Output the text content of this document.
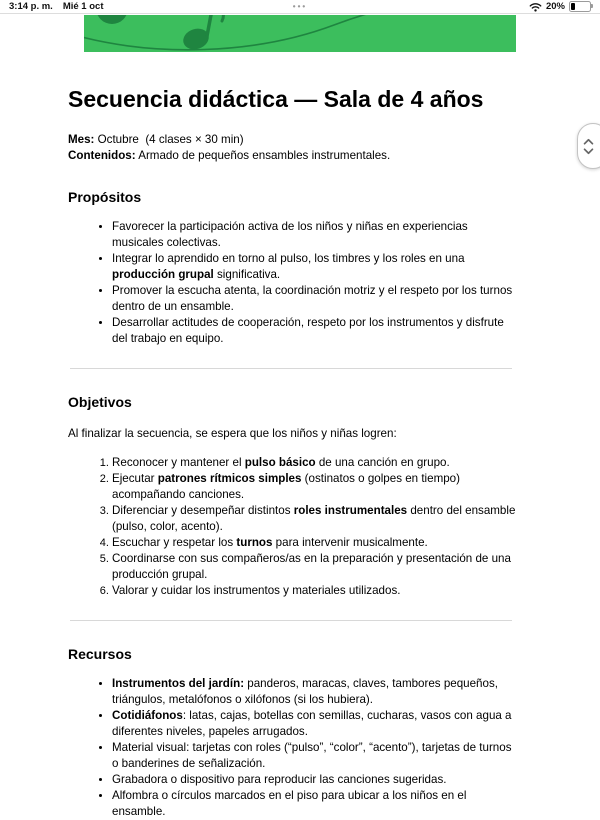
3:14 p. m. Mié 1 oct	•••	20%
Secuencia didáctica — Sala de 4 años

Mes: Octubre  (4 clases × 30 min)

Contenidos: Armado de pequeños ensambles instrumentales.

Propósitos
• Favorecer la participación activa de los niños y niñas en experiencias musicales colectivas.
• Integrar lo aprendido en torno al pulso, los timbres y los roles en una producción grupal significativa.
• Promover la escucha atenta, la coordinación motriz y el respeto por los turnos dentro de un ensamble.
• Desarrollar actitudes de cooperación, respeto por los instrumentos y disfrute del trabajo en equipo.
Objetivos

Al finalizar la secuencia, se espera que los niños y niñas logren:

1. Reconocer y mantener el pulso básico de una canción en grupo.
2. Ejecutar patrones rítmicos simples (ostinatos o golpes en tiempo) acompañando canciones.
3. Diferenciar y desempeñar distintos roles instrumentales dentro del ensamble (pulso, color, acento).
4. Escuchar y respetar los turnos para intervenir musicalmente.
5. Coordinarse con sus compañeros/as en la preparación y presentación de una producción grupal.
6. Valorar y cuidar los instrumentos y materiales utilizados.
Recursos
• Instrumentos del jardín: panderos, maracas, claves, tambores pequeños, triángulos, metalófonos o xilófonos (si los hubiera).
• Cotidiáfonos: latas, cajas, botellas con semillas, cucharas, vasos con agua a diferentes niveles, papeles arrugados.
• Material visual: tarjetas con roles (“pulso”, “color”, “acento”), tarjetas de turnos o banderines de señalización.
• Grabadora o dispositivo para reproducir las canciones sugeridas.
• Alfombra o círculos marcados en el piso para ubicar a los niños en el ensamble.
